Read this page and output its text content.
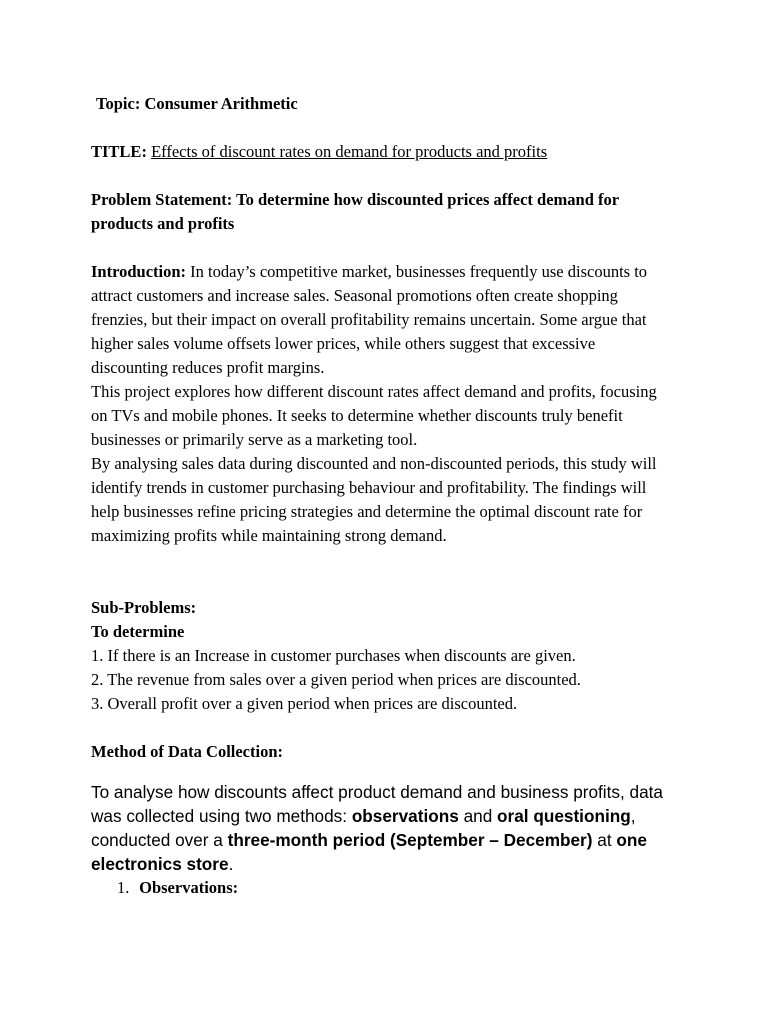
Topic: Consumer Arithmetic

TITLE: Effects of discount rates on demand for products and profits

Problem Statement: To determine how discounted prices affect demand for products and profits

Introduction: In today’s competitive market, businesses frequently use discounts to attract customers and increase sales. Seasonal promotions often create shopping frenzies, but their impact on overall profitability remains uncertain. Some argue that higher sales volume offsets lower prices, while others suggest that excessive discounting reduces profit margins.

This project explores how different discount rates affect demand and profits, focusing on TVs and mobile phones. It seeks to determine whether discounts truly benefit businesses or primarily serve as a marketing tool.

By analysing sales data during discounted and non-discounted periods, this study will identify trends in customer purchasing behaviour and profitability. The findings will help businesses refine pricing strategies and determine the optimal discount rate for maximizing profits while maintaining strong demand.

Sub-Problems:

To determine

1. If there is an Increase in customer purchases when discounts are given.

2. The revenue from sales over a given period when prices are discounted.

3. Overall profit over a given period when prices are discounted.

Method of Data Collection:

To analyse how discounts affect product demand and business profits, data was collected using two methods: observations and oral questioning, conducted over a three-month period (September – December) at one electronics store.

1. Observations:
